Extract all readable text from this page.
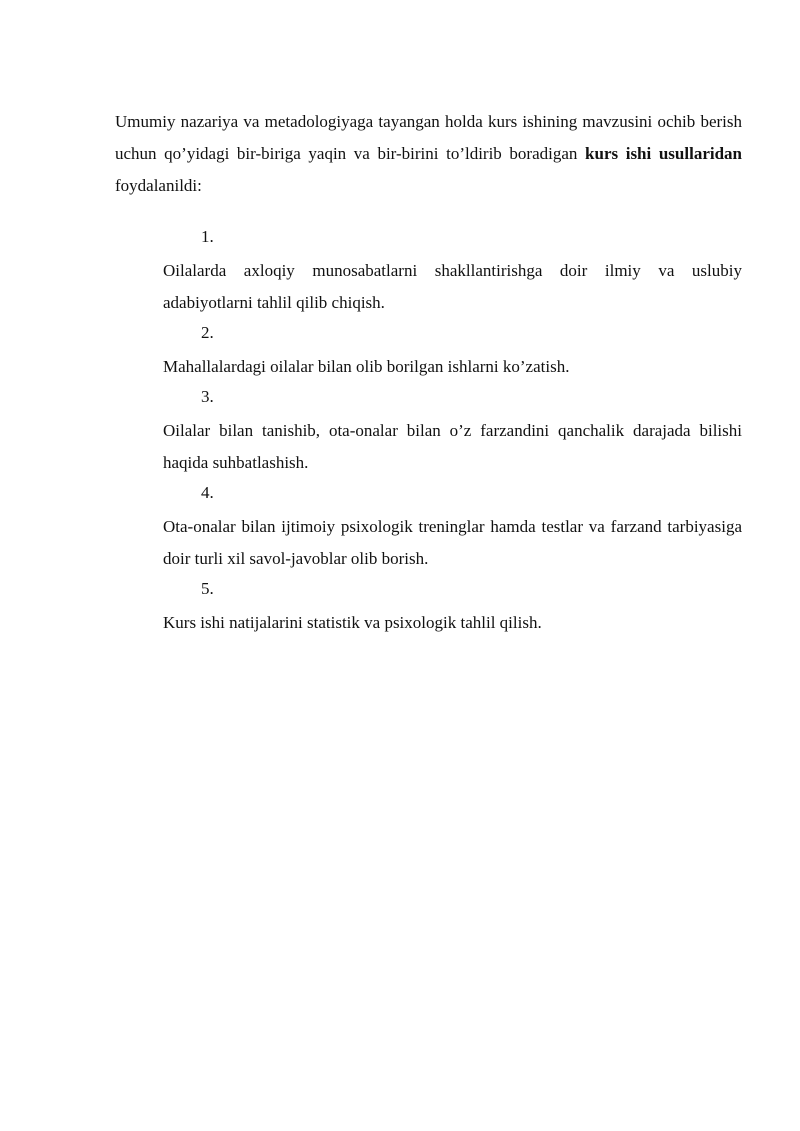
Umumiy nazariya va metadologiyaga tayangan holda kurs ishining mavzusini ochib berish uchun qo’yidagi bir-biriga yaqin va bir-birini to’ldirib boradigan kurs ishi usullaridan foydalanildi:

1.
Oilalarda axloqiy munosabatlarni shakllantirishga doir ilmiy va uslubiy adabiyotlarni tahlil qilib chiqish.
2.
Mahallalardagi oilalar bilan olib borilgan ishlarni ko’zatish.
3.
Oilalar bilan tanishib, ota-onalar bilan o’z farzandini qanchalik darajada bilishi haqida suhbatlashish.
4.
Ota-onalar bilan ijtimoiy psixologik treninglar hamda testlar va farzand tarbiyasiga doir turli xil savol-javoblar olib borish.
5.
Kurs ishi natijalarini statistik va psixologik tahlil qilish.
